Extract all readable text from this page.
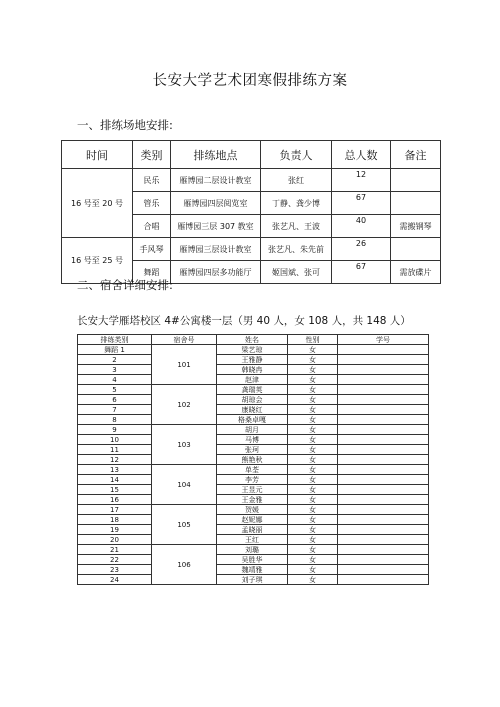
长安大学艺术团寒假排练方案
一、排练场地安排:
时间	类别	排练地点	负责人	总人数	备注
16 号至 20 号	民乐	雁博园二层设计教室	张红	12	
	管乐	雁博园四层阅览室	丁静、龚少博	67	
	合唱	雁博园三层 307 教室	张艺凡、王波	40	需搬钢琴
16 号至 25 号	手风琴	雁博园三层设计教室	张艺凡、朱先前	26	
	舞蹈	雁博园四层多功能厅	姬国斌、张可	67	需放碟片
二、宿舍详细安排:
长安大学雁塔校区 4#公寓楼一层（男 40 人，女 108 人，共 148 人）
排练类别	宿舍号	姓名	性别	学号
舞蹈 1	101	梁艺琼	女	
2		王雅静	女	
3		韩晓冉	女	
4		赵津	女	
5	102	龚瑞英	女	
6		胡琼会	女	
7		康晓红	女	
8		格桑卓嘎	女	
9	103	胡月	女	
10		马博	女	
11		张珂	女	
12		熊艳秋	女	
13	104	单荃	女	
14		李芳	女	
15		王昱元	女	
16		王金雅	女	
17	105	贺媛	女	
18		赵妮娜	女	
19		孟晓丽	女	
20		王红	女	
21	106	刘璐	女	
22		吴胜华	女	
23		魏靖雅	女	
24		刘子琪	女	
